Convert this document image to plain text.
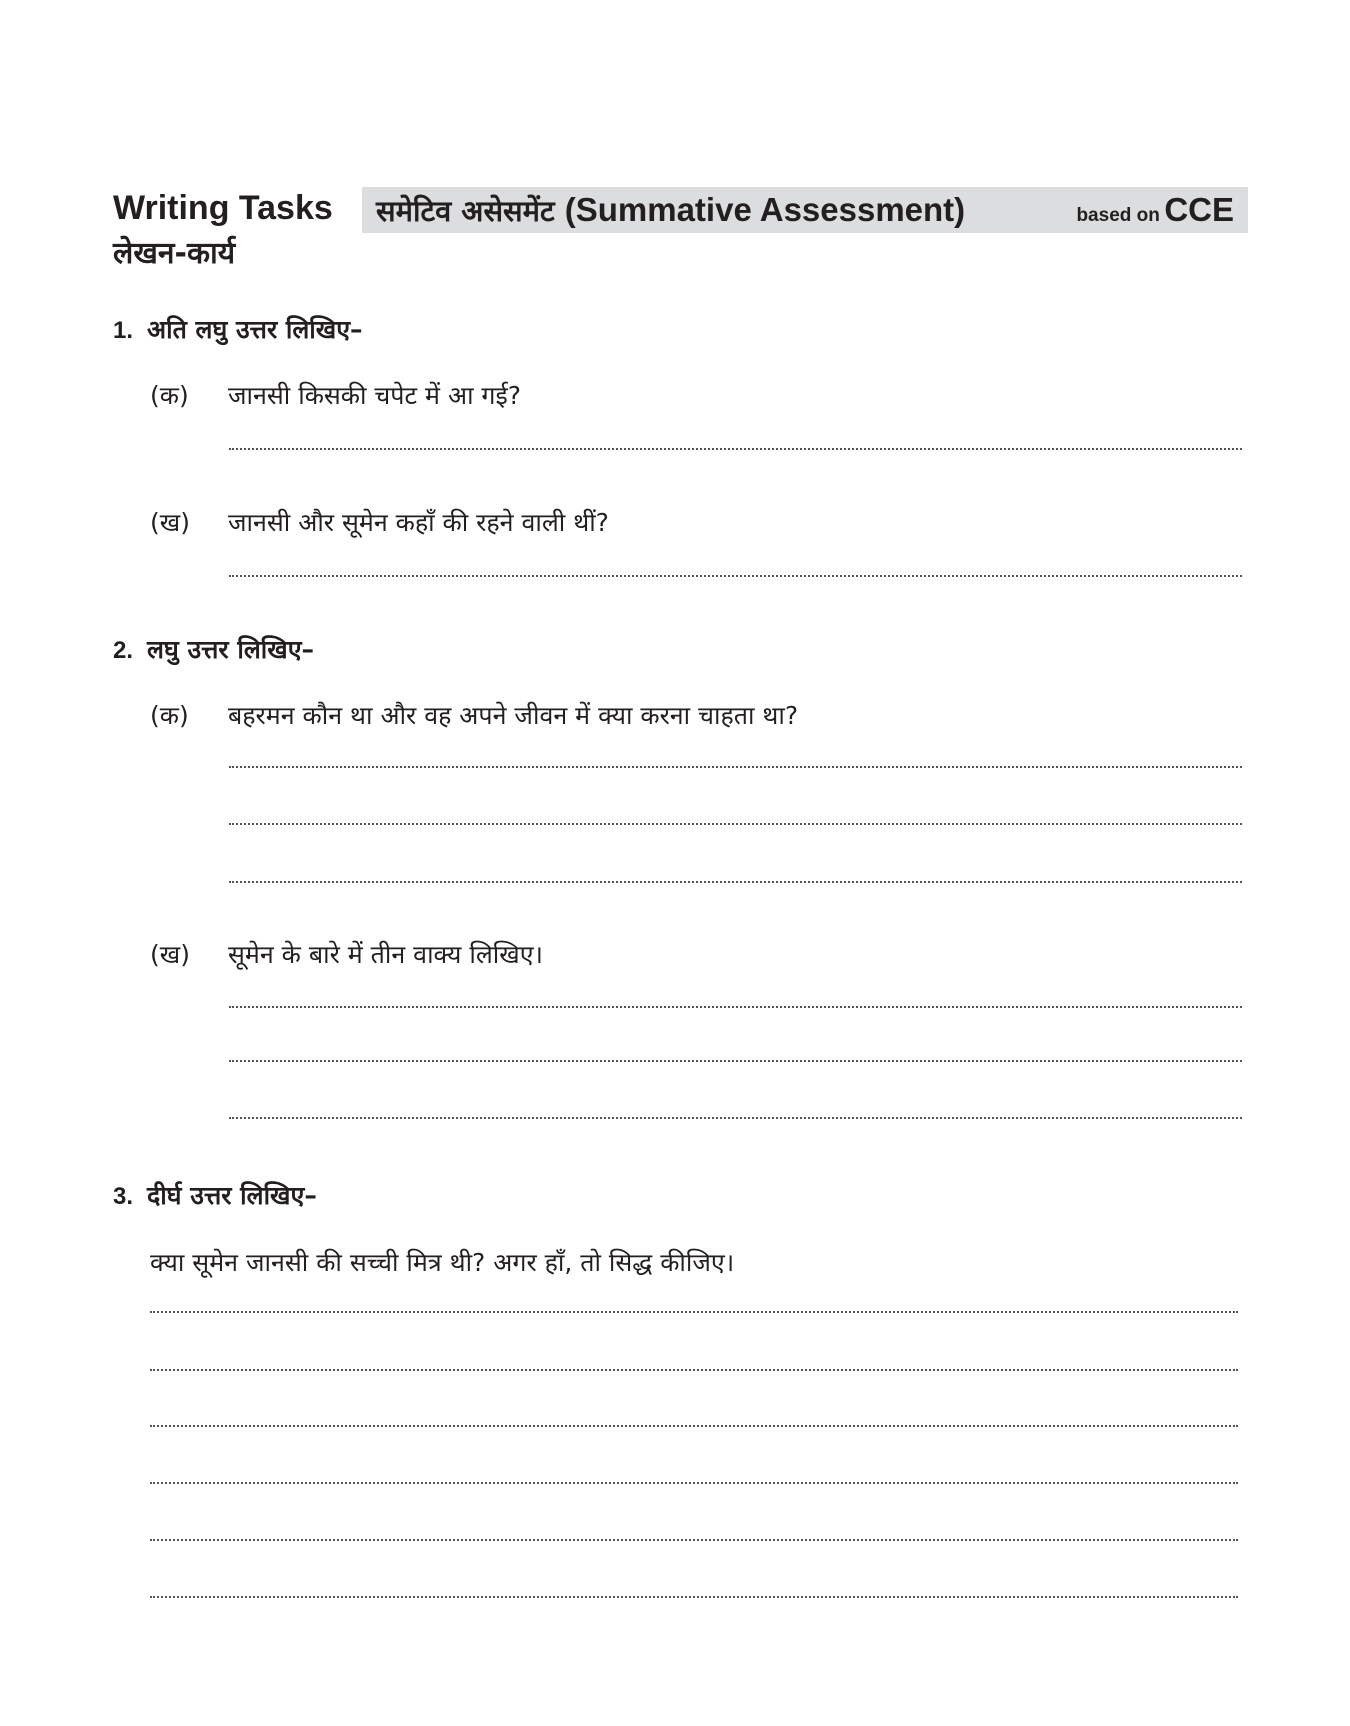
Writing Tasks
लेखन-कार्य
समेटिव असेसमेंट (Summative Assessment)	based on CCE
1. अति लघु उत्तर लिखिए–
(क)	जानसी किसकी चपेट में आ गई?
(ख)	जानसी और सूमेन कहाँ की रहने वाली थीं?
2. लघु उत्तर लिखिए–
(क)	बहरमन कौन था और वह अपने जीवन में क्या करना चाहता था?
(ख)	सूमेन के बारे में तीन वाक्य लिखिए।
3. दीर्घ उत्तर लिखिए–
क्या सूमेन जानसी की सच्ची मित्र थी? अगर हाँ, तो सिद्ध कीजिए।
